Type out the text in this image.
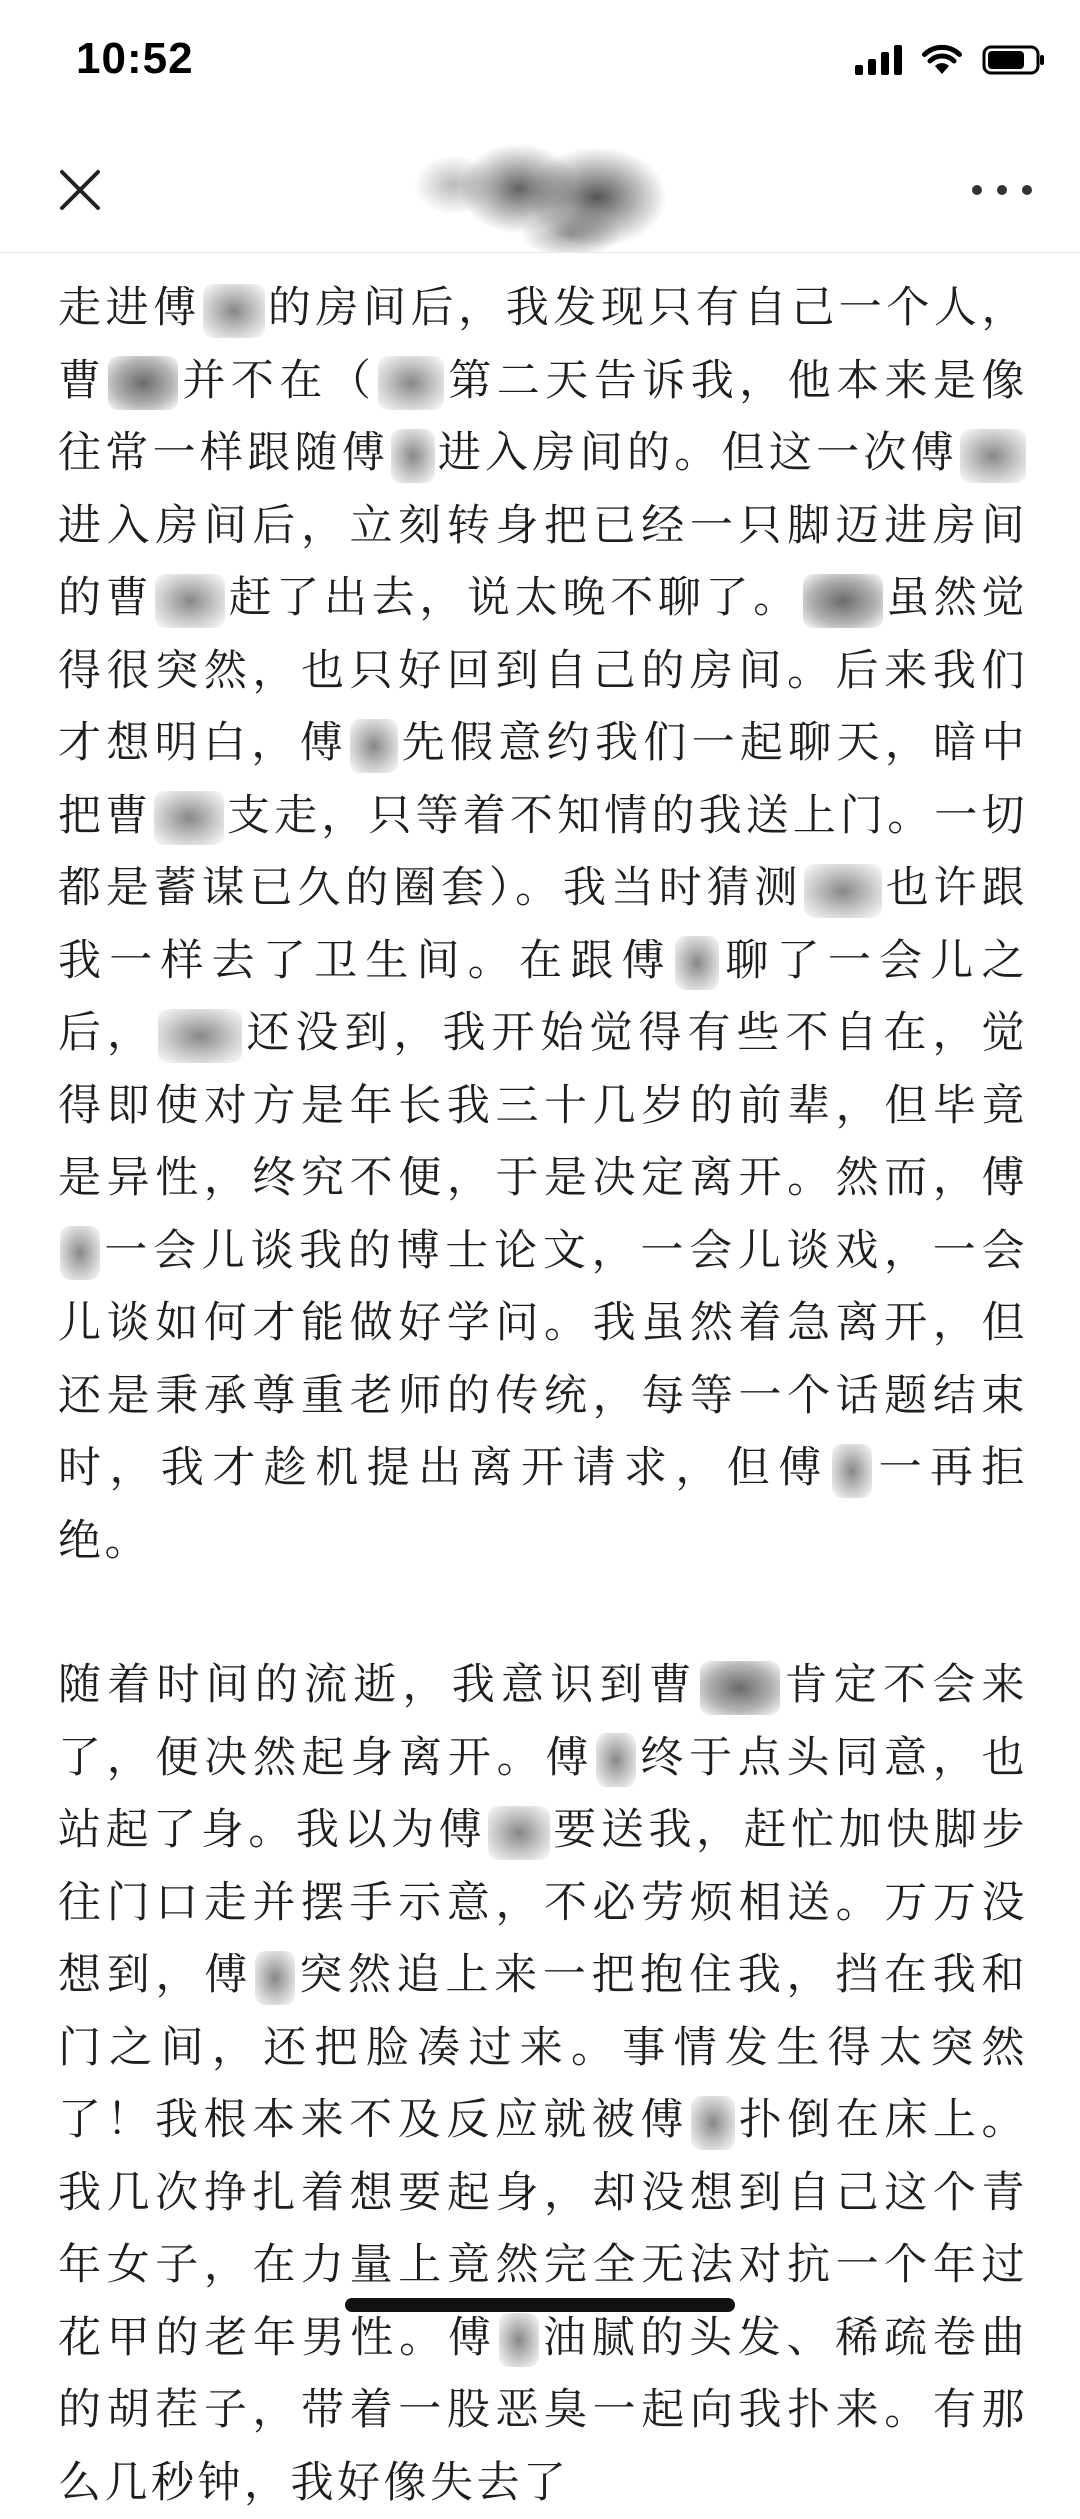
10:52

走进傅 的房间后，我发现只有自己一个人，曹 并不在（ 第二天告诉我，他本来是像往常一样跟随傅 进入房间的。但这一次傅进入房间后，立刻转身把已经一只脚迈进房间的曹 赶了出去，说太晚不聊了。 虽然觉得很突然，也只好回到自己的房间。后来我们才想明白，傅 先假意约我们一起聊天，暗中把曹 支走，只等着不知情的我送上门。一切都是蓄谋已久的圈套）。我当时猜测 也许跟我一样去了卫生间。在跟傅 聊了一会儿之后， 还没到，我开始觉得有些不自在，觉得即使对方是年长我三十几岁的前辈，但毕竟是异性，终究不便，于是决定离开。然而，傅一会儿谈我的博士论文，一会儿谈戏，一会儿谈如何才能做好学问。我虽然着急离开，但还是秉承尊重老师的传统，每等一个话题结束时，我才趁机提出离开请求，但傅 一再拒绝。

随着时间的流逝，我意识到曹 肯定不会来了，便决然起身离开。傅 终于点头同意，也站起了身。我以为傅 要送我，赶忙加快脚步往门口走并摆手示意，不必劳烦相送。万万没想到，傅 突然追上来一把抱住我，挡在我和门之间，还把脸凑过来。事情发生得太突然了！我根本来不及反应就被傅 扑倒在床上。我几次挣扎着想要起身，却没想到自己这个青年女子，在力量上竟然完全无法对抗一个年过花甲的老年男性。傅 油腻的头发、稀疏卷曲的胡茬子，带着一股恶臭一起向我扑来。有那么几秒钟，我好像失去了
